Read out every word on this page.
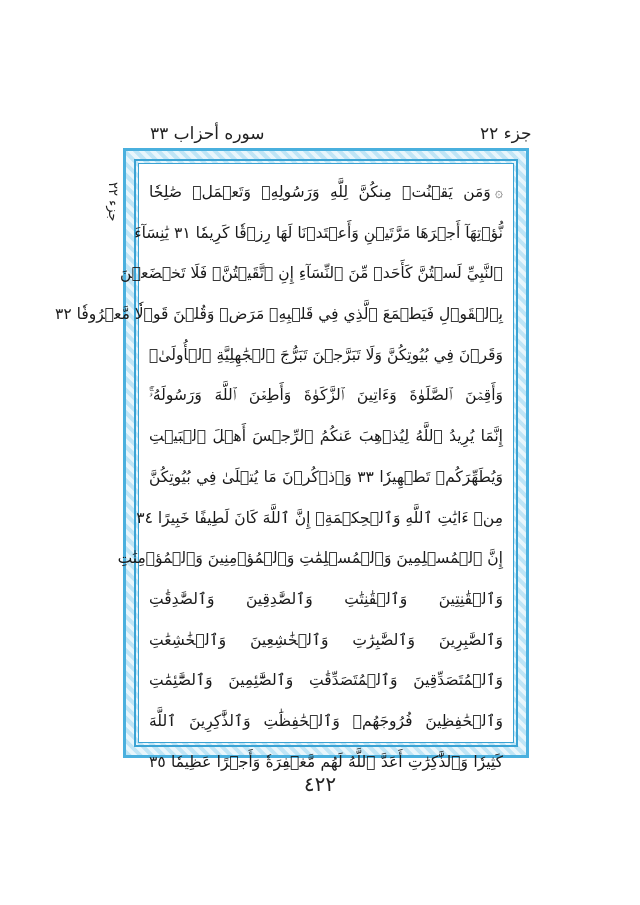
سوره أحزاب ٣٣	جزء ٢٢
جزء ٢٢
۞وَمَن يَقۡنُتۡ مِنكُنَّ لِلَّهِ وَرَسُولِهِۦ وَتَعۡمَلۡ صَٰلِحٗا
نُّؤۡتِهَآ أَجۡرَهَا مَرَّتَيۡنِ وَأَعۡتَدۡنَا لَهَا رِزۡقٗا كَرِيمٗا ٣١ يَٰنِسَآءَ
ٱلنَّبِيِّ لَسۡتُنَّ كَأَحَدٖ مِّنَ ٱلنِّسَآءِ إِنِ ٱتَّقَيۡتُنَّۚ فَلَا تَخۡضَعۡنَ
بِٱلۡقَوۡلِ فَيَطۡمَعَ ٱلَّذِي فِي قَلۡبِهِۦ مَرَضٞ وَقُلۡنَ قَوۡلٗا مَّعۡرُوفٗا ٣٢
وَقَرۡنَ فِي بُيُوتِكُنَّ وَلَا تَبَرَّجۡنَ تَبَرُّجَ ٱلۡجَٰهِلِيَّةِ ٱلۡأُولَىٰۖ
وَأَقِمۡنَ ٱلصَّلَوٰةَ وَءَاتِينَ ٱلزَّكَوٰةَ وَأَطِعۡنَ ٱللَّهَ وَرَسُولَهُۥٓۚ
إِنَّمَا يُرِيدُ ٱللَّهُ لِيُذۡهِبَ عَنكُمُ ٱلرِّجۡسَ أَهۡلَ ٱلۡبَيۡتِ
وَيُطَهِّرَكُمۡ تَطۡهِيرٗا ٣٣ وَٱذۡكُرۡنَ مَا يُتۡلَىٰ فِي بُيُوتِكُنَّ
مِنۡ ءَايَٰتِ ٱللَّهِ وَٱلۡحِكۡمَةِۚ إِنَّ ٱللَّهَ كَانَ لَطِيفًا خَبِيرًا ٣٤
إِنَّ ٱلۡمُسۡلِمِينَ وَٱلۡمُسۡلِمَٰتِ وَٱلۡمُؤۡمِنِينَ وَٱلۡمُؤۡمِنَٰتِ
وَٱلۡقَٰنِتِينَ وَٱلۡقَٰنِتَٰتِ وَٱلصَّٰدِقِينَ وَٱلصَّٰدِقَٰتِ
وَٱلصَّٰبِرِينَ وَٱلصَّٰبِرَٰتِ وَٱلۡخَٰشِعِينَ وَٱلۡخَٰشِعَٰتِ
وَٱلۡمُتَصَدِّقِينَ وَٱلۡمُتَصَدِّقَٰتِ وَٱلصَّٰٓئِمِينَ وَٱلصَّٰٓئِمَٰتِ
وَٱلۡحَٰفِظِينَ فُرُوجَهُمۡ وَٱلۡحَٰفِظَٰتِ وَٱلذَّٰكِرِينَ ٱللَّهَ
كَثِيرٗا وَٱلذَّٰكِرَٰتِ أَعَدَّ ٱللَّهُ لَهُم مَّغۡفِرَةٗ وَأَجۡرًا عَظِيمٗا ٣٥
٤٢٢
